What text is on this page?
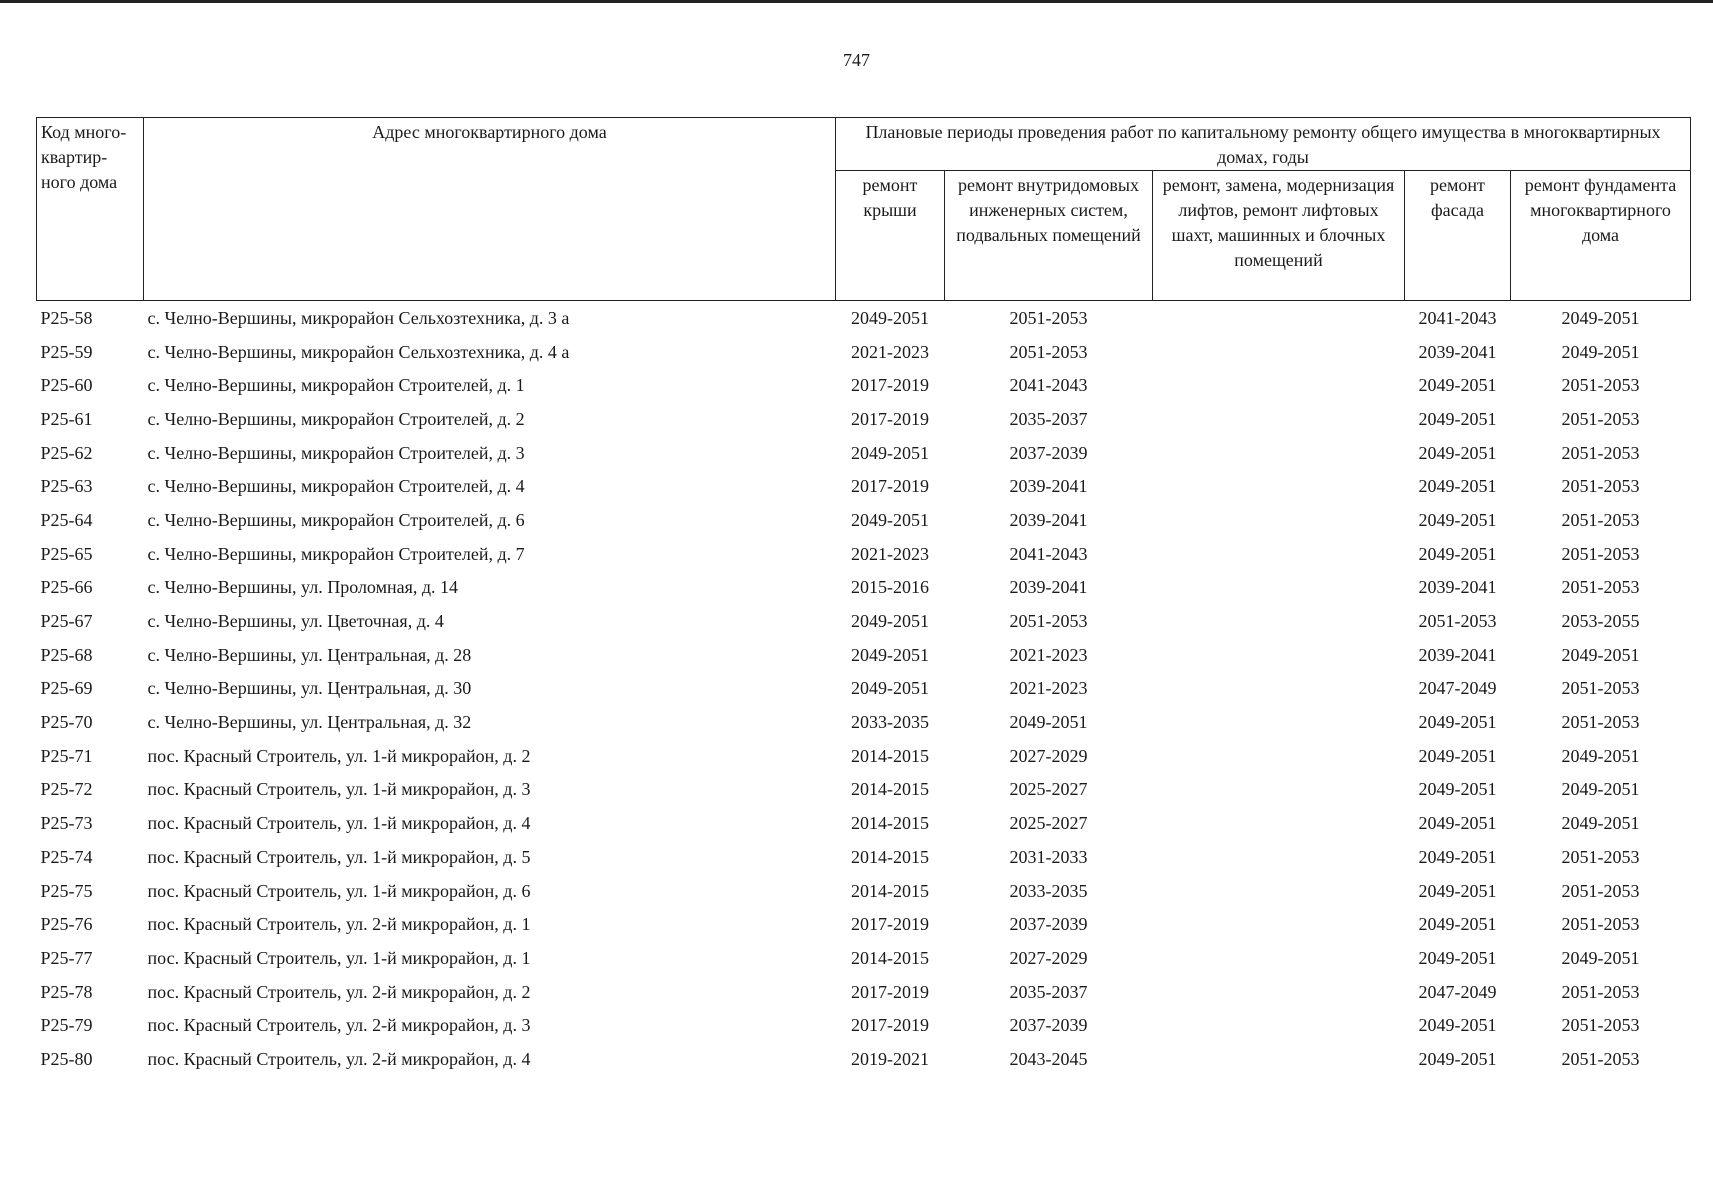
747
Код много-квартир-ного дома	Адрес многоквартирного дома	Плановые периоды проведения работ по капитальному ремонту общего имущества в многоквартирных домах, годы				
		ремонт крыши	ремонт внутридомовых инженерных систем, подвальных помещений	ремонт, замена, модернизация лифтов, ремонт лифтовых шахт, машинных и блочных помещений	ремонт фасада	ремонт фундамента многоквартирного дома
Р25-58	с. Челно-Вершины, микрорайон Сельхозтехника, д. 3 а	2049-2051	2051-2053		2041-2043	2049-2051
Р25-59	с. Челно-Вершины, микрорайон Сельхозтехника, д. 4 а	2021-2023	2051-2053		2039-2041	2049-2051
Р25-60	с. Челно-Вершины, микрорайон Строителей, д. 1	2017-2019	2041-2043		2049-2051	2051-2053
Р25-61	с. Челно-Вершины, микрорайон Строителей, д. 2	2017-2019	2035-2037		2049-2051	2051-2053
Р25-62	с. Челно-Вершины, микрорайон Строителей, д. 3	2049-2051	2037-2039		2049-2051	2051-2053
Р25-63	с. Челно-Вершины, микрорайон Строителей, д. 4	2017-2019	2039-2041		2049-2051	2051-2053
Р25-64	с. Челно-Вершины, микрорайон Строителей, д. 6	2049-2051	2039-2041		2049-2051	2051-2053
Р25-65	с. Челно-Вершины, микрорайон Строителей, д. 7	2021-2023	2041-2043		2049-2051	2051-2053
Р25-66	с. Челно-Вершины, ул. Проломная, д. 14	2015-2016	2039-2041		2039-2041	2051-2053
Р25-67	с. Челно-Вершины, ул. Цветочная, д. 4	2049-2051	2051-2053		2051-2053	2053-2055
Р25-68	с. Челно-Вершины, ул. Центральная, д. 28	2049-2051	2021-2023		2039-2041	2049-2051
Р25-69	с. Челно-Вершины, ул. Центральная, д. 30	2049-2051	2021-2023		2047-2049	2051-2053
Р25-70	с. Челно-Вершины, ул. Центральная, д. 32	2033-2035	2049-2051		2049-2051	2051-2053
Р25-71	пос. Красный Строитель, ул. 1-й микрорайон, д. 2	2014-2015	2027-2029		2049-2051	2049-2051
Р25-72	пос. Красный Строитель, ул. 1-й микрорайон, д. 3	2014-2015	2025-2027		2049-2051	2049-2051
Р25-73	пос. Красный Строитель, ул. 1-й микрорайон, д. 4	2014-2015	2025-2027		2049-2051	2049-2051
Р25-74	пос. Красный Строитель, ул. 1-й микрорайон, д. 5	2014-2015	2031-2033		2049-2051	2051-2053
Р25-75	пос. Красный Строитель, ул. 1-й микрорайон, д. 6	2014-2015	2033-2035		2049-2051	2051-2053
Р25-76	пос. Красный Строитель, ул. 2-й микрорайон, д. 1	2017-2019	2037-2039		2049-2051	2051-2053
Р25-77	пос. Красный Строитель, ул. 1-й микрорайон, д. 1	2014-2015	2027-2029		2049-2051	2049-2051
Р25-78	пос. Красный Строитель, ул. 2-й микрорайон, д. 2	2017-2019	2035-2037		2047-2049	2051-2053
Р25-79	пос. Красный Строитель, ул. 2-й микрорайон, д. 3	2017-2019	2037-2039		2049-2051	2051-2053
Р25-80	пос. Красный Строитель, ул. 2-й микрорайон, д. 4	2019-2021	2043-2045		2049-2051	2051-2053
